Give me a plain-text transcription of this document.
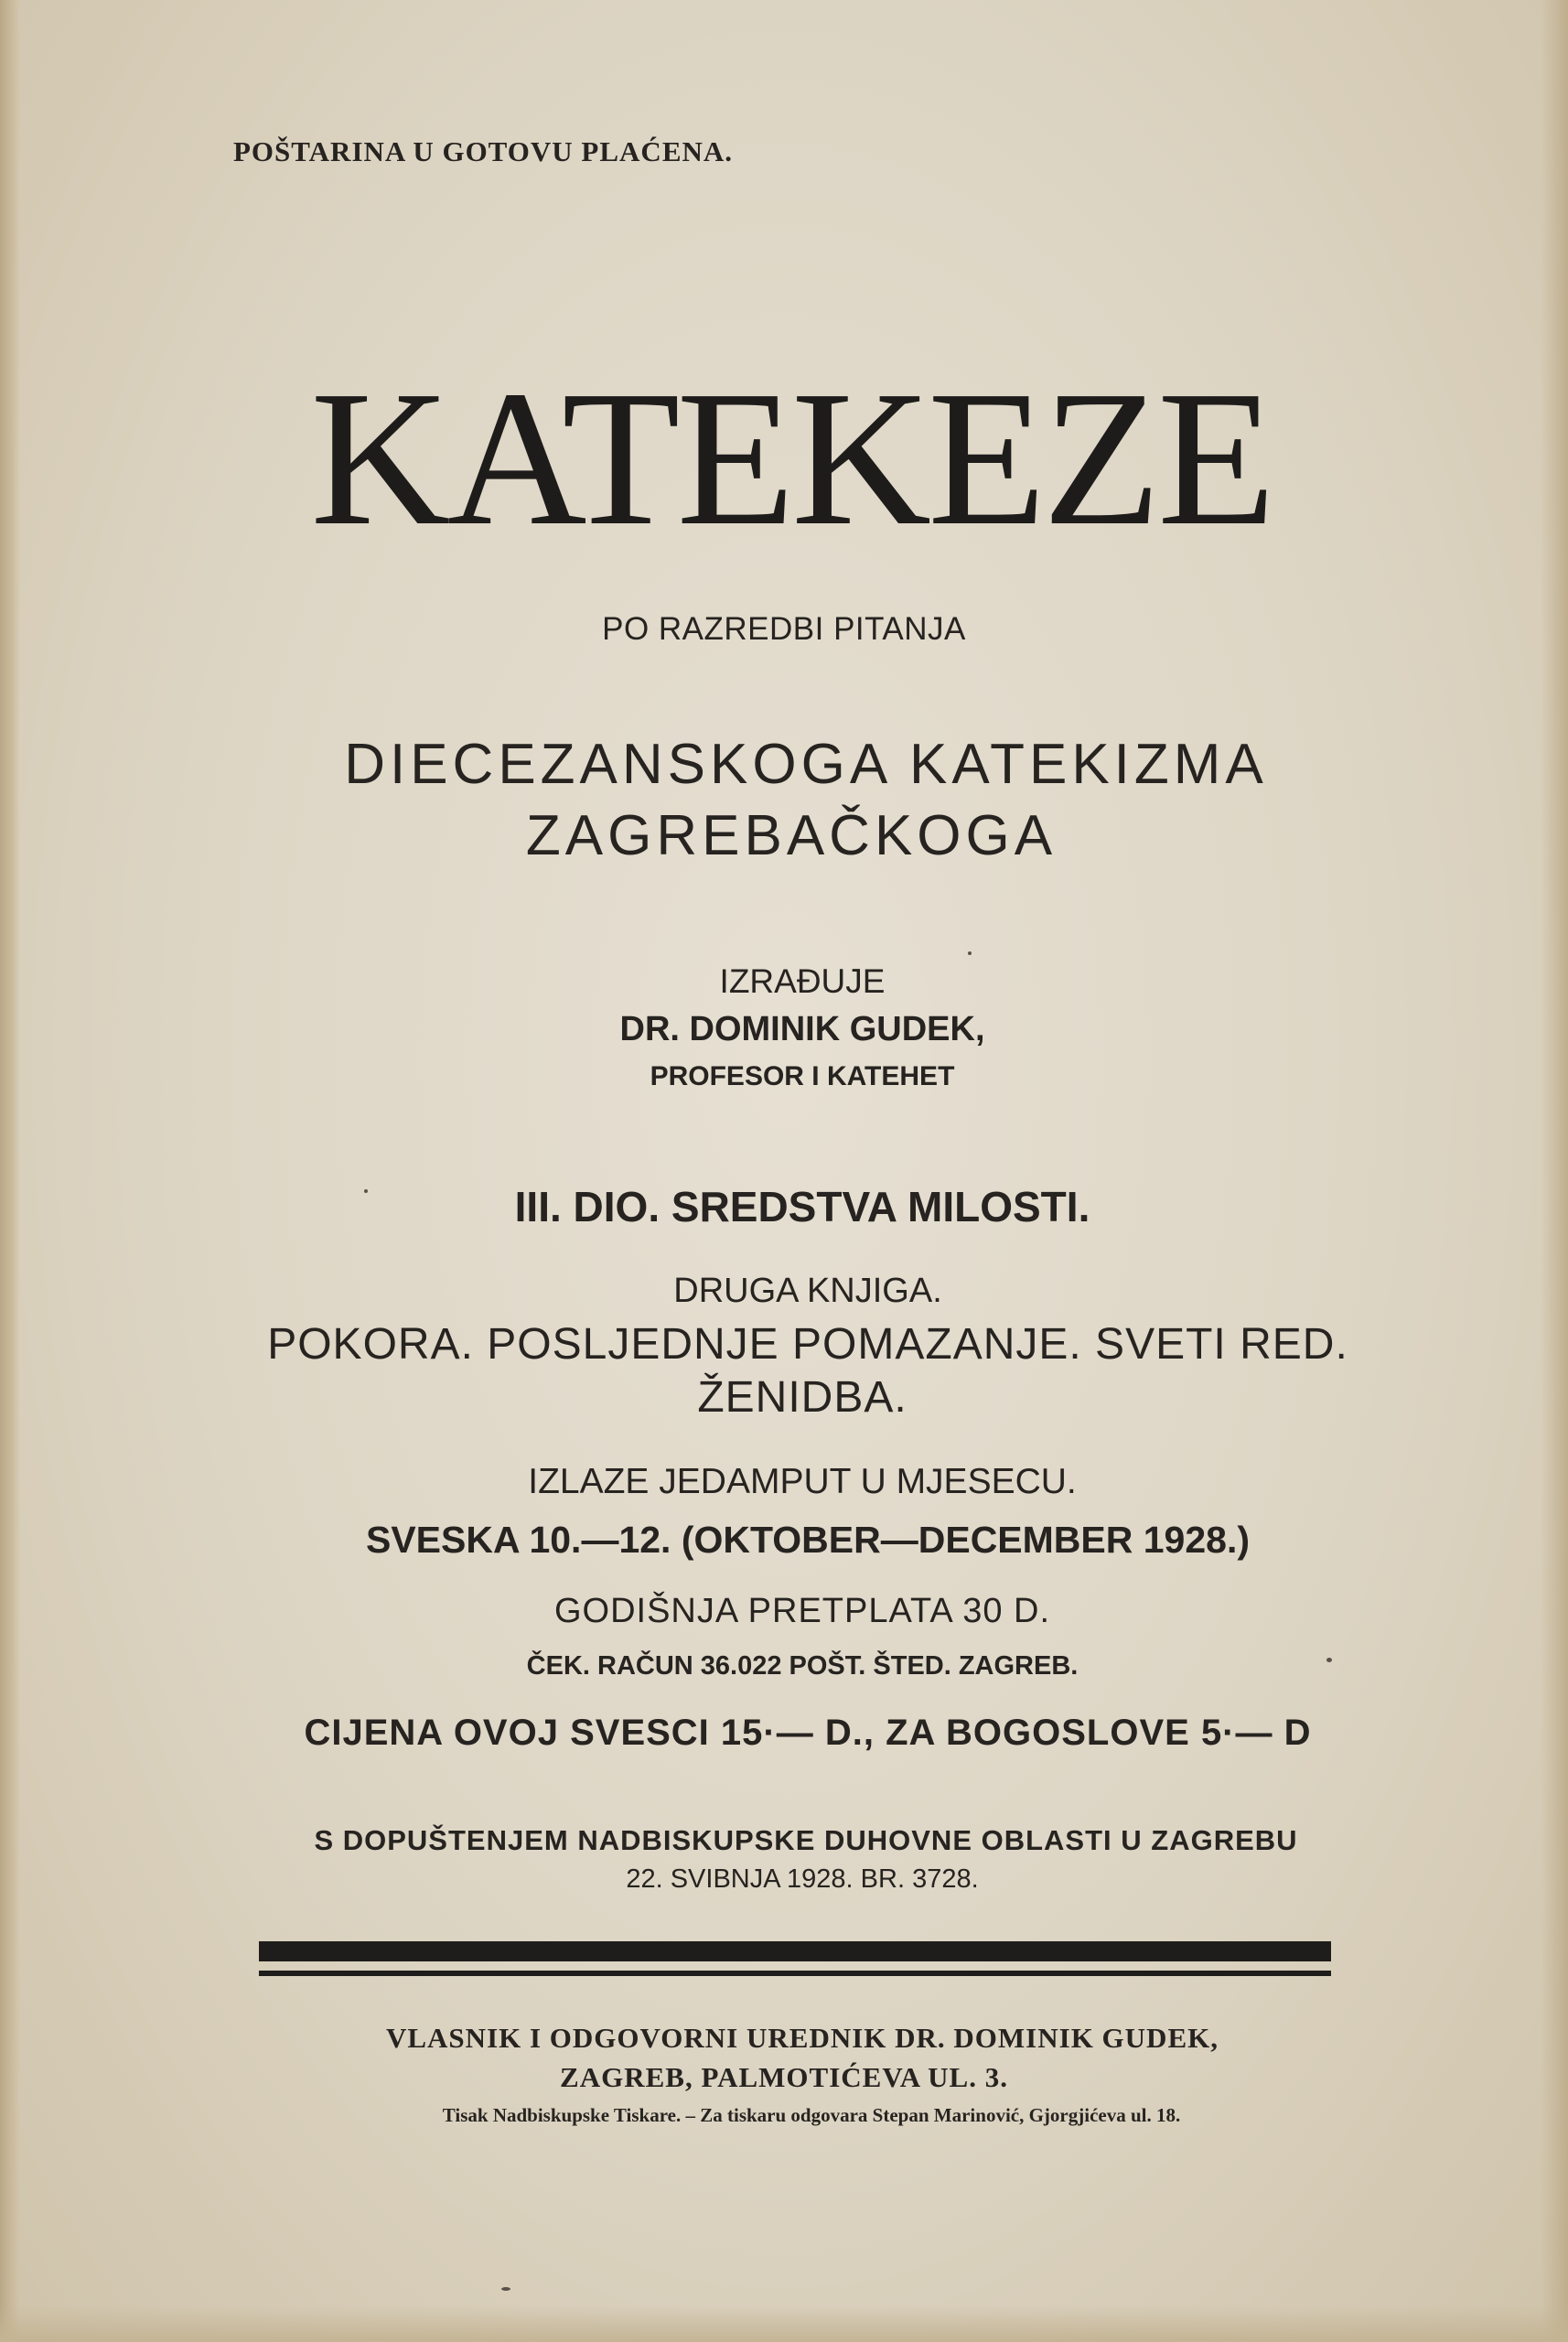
POŠTARINA U GOTOVU PLAĆENA.
KATEKEZE
PO RAZREDBI PITANJA
DIECEZANSKOGA KATEKIZMA
ZAGREBAČKOGA
IZRAĐUJE
DR. DOMINIK GUDEK,
PROFESOR I KATEHET
III. DIO. SREDSTVA MILOSTI.
DRUGA KNJIGA.
POKORA. POSLJEDNJE POMAZANJE. SVETI RED.
ŽENIDBA.
IZLAZE JEDAMPUT U MJESECU.
SVESKA 10.—12. (OKTOBER—DECEMBER 1928.)
GODIŠNJA PRETPLATA 30 D.
ČEK. RAČUN 36.022 POŠT. ŠTED. ZAGREB.
CIJENA OVOJ SVESCI 15·— D., ZA BOGOSLOVE 5·— D
S DOPUŠTENJEM NADBISKUPSKE DUHOVNE OBLASTI U ZAGREBU
22. SVIBNJA 1928. BR. 3728.
VLASNIK I ODGOVORNI UREDNIK DR. DOMINIK GUDEK,
ZAGREB, PALMOTIĆEVA UL. 3.
Tisak Nadbiskupske Tiskare. – Za tiskaru odgovara Stepan Marinović, Gjorgjićeva ul. 18.
